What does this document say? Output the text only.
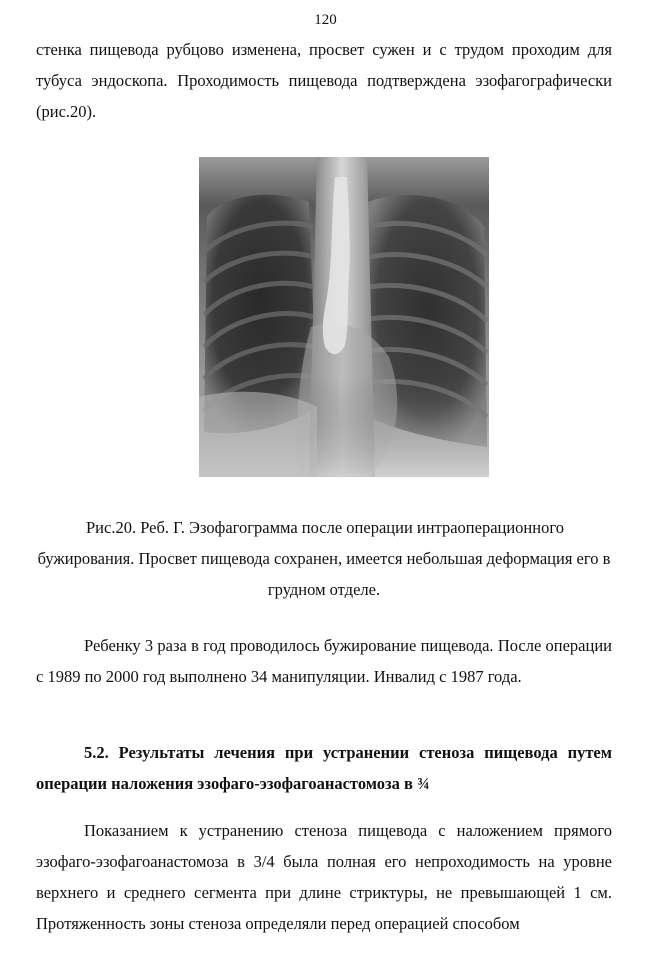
120

стенка пищевода рубцово изменена, просвет сужен и с трудом проходим для тубуса эндоскопа. Проходимость пищевода подтверждена эзофагографически (рис.20).

Рис.20. Реб. Г. Эзофагограмма после операции интраоперационного
бужирования. Просвет пищевода сохранен, имеется небольшая деформация его в грудном отделе.

Ребенку 3 раза в год проводилось бужирование пищевода. После операции с 1989 по 2000 год выполнено 34 манипуляции. Инвалид с 1987 года.

5.2. Результаты лечения при устранении стеноза пищевода путем операции наложения эзофаго-эзофагоанастомоза в ¾

Показанием к устранению стеноза пищевода с наложением прямого эзофаго-эзофагоанастомоза в 3/4 была полная его непроходимость на уровне верхнего и среднего сегмента при длине стриктуры, не превышающей 1 см. Протяженность зоны стеноза определяли перед операцией способом
